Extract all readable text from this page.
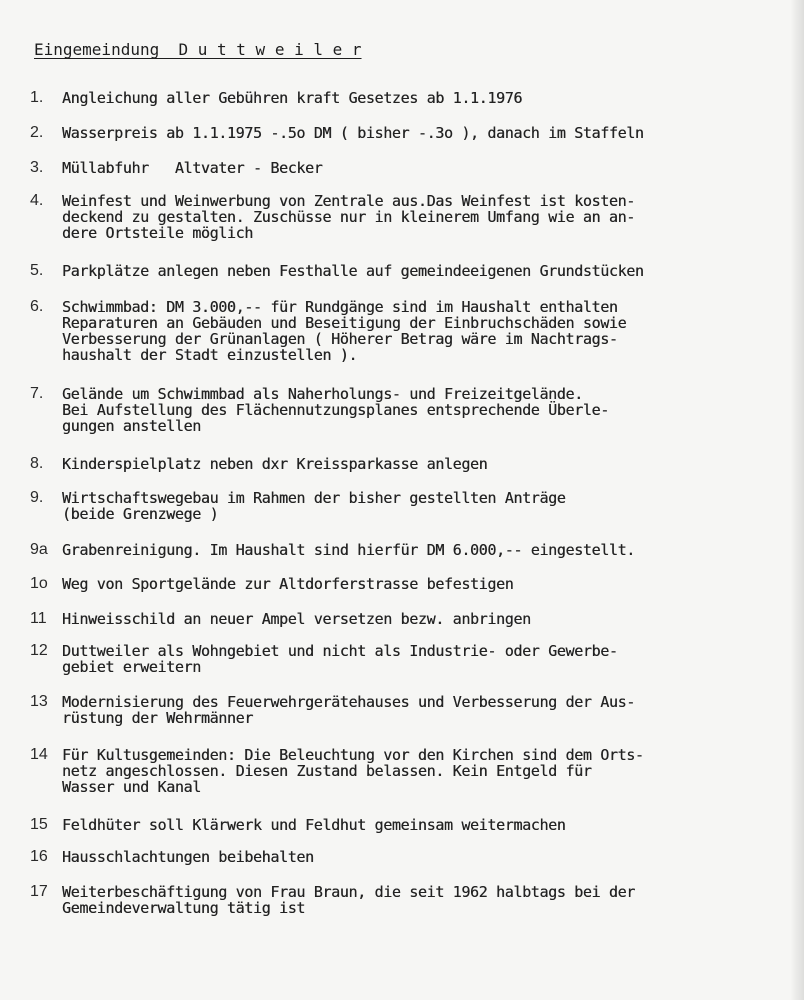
Eingemeindung  D u t t w e i l e r
1.	Angleichung aller Gebühren kraft Gesetzes ab 1.1.1976
2.	Wasserpreis ab 1.1.1975 -.5o DM ( bisher -.3o ), danach im Staffeln
3.	Müllabfuhr   Altvater - Becker
4.	Weinfest und Weinwerbung von Zentrale aus.Das Weinfest ist kosten-
deckend zu gestalten. Zuschüsse nur in kleinerem Umfang wie an an-
dere Ortsteile möglich
5.	Parkplätze anlegen neben Festhalle auf gemeindeeigenen Grundstücken
6.	Schwimmbad: DM 3.000,-- für Rundgänge sind im Haushalt enthalten
Reparaturen an Gebäuden und Beseitigung der Einbruchschäden sowie
Verbesserung der Grünanlagen ( Höherer Betrag wäre im Nachtrags-
haushalt der Stadt einzustellen ).
7.	Gelände um Schwimmbad als Naherholungs- und Freizeitgelände.
Bei Aufstellung des Flächennutzungsplanes entsprechende Überle-
gungen anstellen
8.	Kinderspielplatz neben dxr Kreissparkasse anlegen
9.	Wirtschaftswegebau im Rahmen der bisher gestellten Anträge
(beide Grenzwege )
9a Grabenreinigung. Im Haushalt sind hierfür DM 6.000,-- eingestellt.
1o Weg von Sportgelände zur Altdorferstrasse befestigen
11	Hinweisschild an neuer Ampel versetzen bezw. anbringen
12 Duttweiler als Wohngebiet und nicht als Industrie- oder Gewerbe-
gebiet erweitern
13 Modernisierung des Feuerwehrgerätehauses und Verbesserung der Aus-
rüstung der Wehrmänner
14 Für Kultusgemeinden: Die Beleuchtung vor den Kirchen sind dem Orts-
netz angeschlossen. Diesen Zustand belassen. Kein Entgeld für
Wasser und Kanal
15 Feldhüter soll Klärwerk und Feldhut gemeinsam weitermachen
16 Hausschlachtungen beibehalten
17 Weiterbeschäftigung von Frau Braun, die seit 1962 halbtags bei der
Gemeindeverwaltung tätig ist
